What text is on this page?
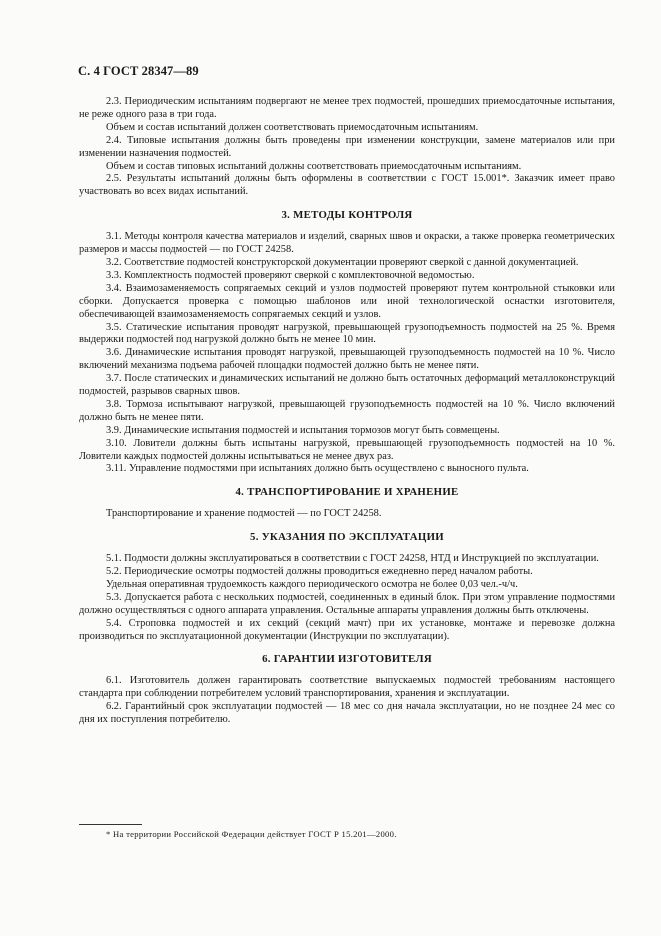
С. 4 ГОСТ 28347—89

2.3. Периодическим испытаниям подвергают не менее трех подмостей, прошедших приемосдаточные испытания, не реже одного раза в три года.

Объем и состав испытаний должен соответствовать приемосдаточным испытаниям.

2.4. Типовые испытания должны быть проведены при изменении конструкции, замене материалов или при изменении назначения подмостей.

Объем и состав типовых испытаний должны соответствовать приемосдаточным испытаниям.

2.5. Результаты испытаний должны быть оформлены в соответствии с ГОСТ 15.001*. Заказчик имеет право участвовать во всех видах испытаний.

3. МЕТОДЫ КОНТРОЛЯ

3.1. Методы контроля качества материалов и изделий, сварных швов и окраски, а также проверка геометрических размеров и массы подмостей — по ГОСТ 24258.

3.2. Соответствие подмостей конструкторской документации проверяют сверкой с данной документацией.

3.3. Комплектность подмостей проверяют сверкой с комплектовочной ведомостью.

3.4. Взаимозаменяемость сопрягаемых секций и узлов подмостей проверяют путем контрольной стыковки или сборки. Допускается проверка с помощью шаблонов или иной технологической оснастки изготовителя, обеспечивающей взаимозаменяемость сопрягаемых секций и узлов.

3.5. Статические испытания проводят нагрузкой, превышающей грузоподъемность подмостей на 25 %. Время выдержки подмостей под нагрузкой должно быть не менее 10 мин.

3.6. Динамические испытания проводят нагрузкой, превышающей грузоподъемность подмостей на 10 %. Число включений механизма подъема рабочей площадки подмостей должно быть не менее пяти.

3.7. После статических и динамических испытаний не должно быть остаточных деформаций металлоконструкций подмостей, разрывов сварных швов.

3.8. Тормоза испытывают нагрузкой, превышающей грузоподъемность подмостей на 10 %. Число включений должно быть не менее пяти.

3.9. Динамические испытания подмостей и испытания тормозов могут быть совмещены.

3.10. Ловители должны быть испытаны нагрузкой, превышающей грузоподъемность подмостей на 10 %. Ловители каждых подмостей должны испытываться не менее двух раз.

3.11. Управление подмостями при испытаниях должно быть осуществлено с выносного пульта.

4. ТРАНСПОРТИРОВАНИЕ И ХРАНЕНИЕ

Транспортирование и хранение подмостей — по ГОСТ 24258.

5. УКАЗАНИЯ ПО ЭКСПЛУАТАЦИИ

5.1. Подмости должны эксплуатироваться в соответствии с ГОСТ 24258, НТД и Инструкцией по эксплуатации.

5.2. Периодические осмотры подмостей должны проводиться ежедневно перед началом работы.

Удельная оперативная трудоемкость каждого периодического осмотра не более 0,03 чел.-ч/ч.

5.3. Допускается работа с нескольких подмостей, соединенных в единый блок. При этом управление подмостями должно осуществляться с одного аппарата управления. Остальные аппараты управления должны быть отключены.

5.4. Строповка подмостей и их секций (секций мачт) при их установке, монтаже и перевозке должна производиться по эксплуатационной документации (Инструкции по эксплуатации).

6. ГАРАНТИИ ИЗГОТОВИТЕЛЯ

6.1. Изготовитель должен гарантировать соответствие выпускаемых подмостей требованиям настоящего стандарта при соблюдении потребителем условий транспортирования, хранения и эксплуатации.

6.2. Гарантийный срок эксплуатации подмостей — 18 мес со дня начала эксплуатации, но не позднее 24 мес со дня их поступления потребителю.

* На территории Российской Федерации действует ГОСТ Р 15.201—2000.
